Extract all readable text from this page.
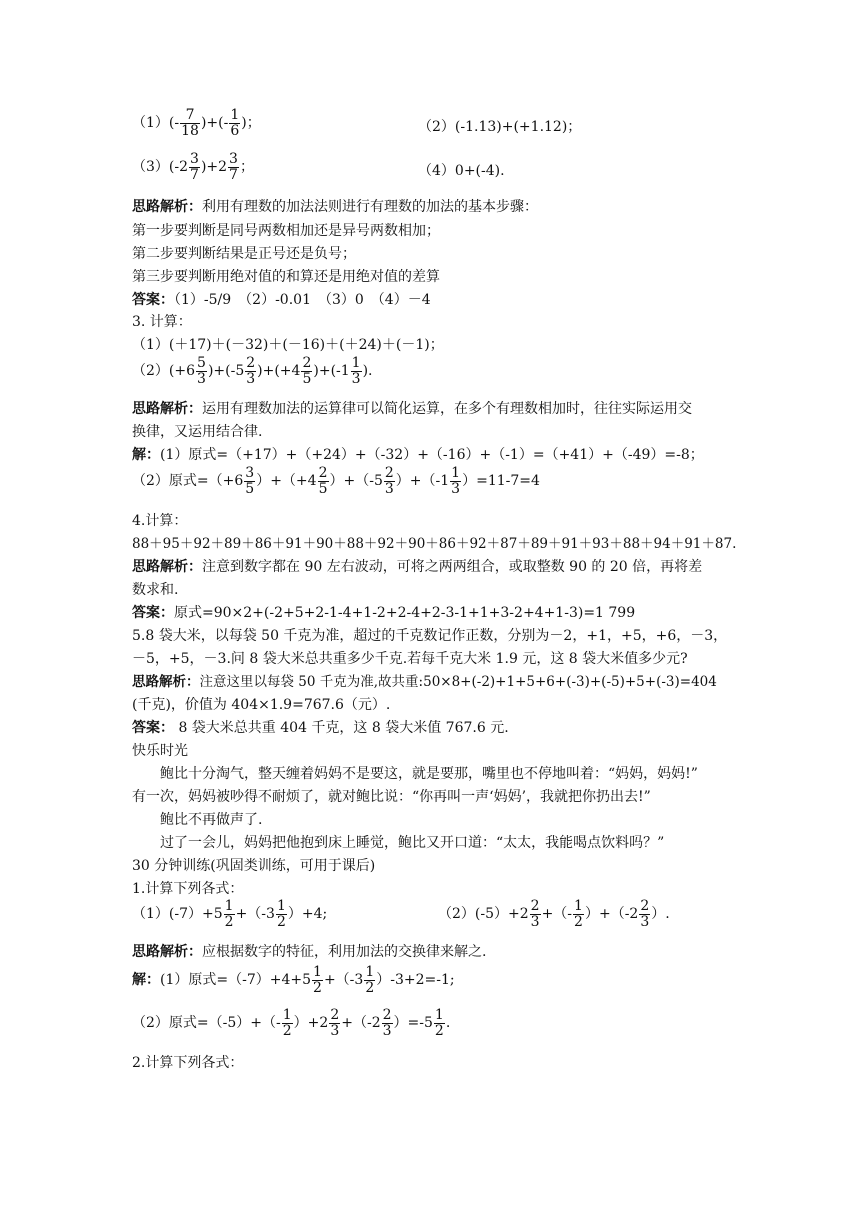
$(1)(- \frac{7}{18}$ )+(- $\frac{1}{6}$ )；	（2）(-1.13)+(+1.12)；
$(3)(-2 \frac{3}{7} )+2 \frac{3}{7}$ ；	（4）0+(-4).
思路解析：利用有理数的加法法则进行有理数的加法的基本步骤：
第一步要判断是同号两数相加还是异号两数相加；
第二步要判断结果是正号还是负号；
第三步要判断用绝对值的和算还是用绝对值的差算
答案：（1）-5/9　（2）-0.01　（3）0　（4）－4
3. 计算：
（1）(＋17)＋(－32)＋(－16)＋(＋24)＋(－1)；
$(2)(+6 \frac{5}{3} )+(-5 \frac{2}{3} )+(+4 \frac{2}{5} )+(-1 \frac{1}{3}$ ).
思路解析：运用有理数加法的运算律可以简化运算，在多个有理数相加时，往往实际运用交
换律，又运用结合律.
解：(1）原式=（+17）+（+24）+（-32）+（-16）+（-1）=（+41）+（-49）=-8；
（2）原式$=(+6 \frac{3}{5} )+(+4 \frac{2}{5} )+(-5 \frac{2}{3} )+(-1 \frac{1}{3} )=11-7=4$
4.计算：
88＋95＋92＋89＋86＋91＋90＋88＋92＋90＋86＋92＋87＋89＋91＋93＋88＋94＋91＋87.
思路解析：注意到数字都在 90 左右波动，可将之两两组合，或取整数 90 的 20 倍，再将差
数求和.
答案：原式=90×2+(-2+5+2-1-4+1-2+2-4+2-3-1+1+3-2+4+1-3)=1 799
5.8 袋大米，以每袋 50 千克为准，超过的千克数记作正数，分别为－2，+1，+5，+6，－3，
－5，+5，－3.问 8 袋大米总共重多少千克.若每千克大米 1.9 元，这 8 袋大米值多少元?
思路解析：注意这里以每袋 50 千克为准,故共重:50×8+(-2)+1+5+6+(-3)+(-5)+5+(-3)=404
(千克)，价值为 404×1.9=767.6（元）.
答案： 8 袋大米总共重 404 千克，这 8 袋大米值 767.6 元.
快乐时光
鲍比十分淘气，整天缠着妈妈不是要这，就是要那，嘴里也不停地叫着：“妈妈，妈妈!”
有一次，妈妈被吵得不耐烦了，就对鲍比说：“你再叫一声‘妈妈’，我就把你扔出去!”
鲍比不再做声了.
过了一会儿，妈妈把他抱到床上睡觉，鲍比又开口道：“太太，我能喝点饮料吗？”
30 分钟训练(巩固类训练，可用于课后)
1.计算下列各式：
$(1)(-7)+5 \frac{1}{2} +(-3 \frac{1}{2} )+4$;	$(2)(-5)+2 \frac{2}{3}$ +（- $\frac{1}{2} )+(-2 \frac{2}{3}$ ）.
思路解析：应根据数字的特征，利用加法的交换律来解之.
解： (1）原式$=(-7)+4+5 \frac{1}{2} +(-3 \frac{1}{2} )-3+2=-1$;
（2）原式$=(-5)+(- \frac{1}{2} )+2 \frac{2}{3} +(-2 \frac{2}{3} )=-5 \frac{1}{2}$ .
2.计算下列各式：
